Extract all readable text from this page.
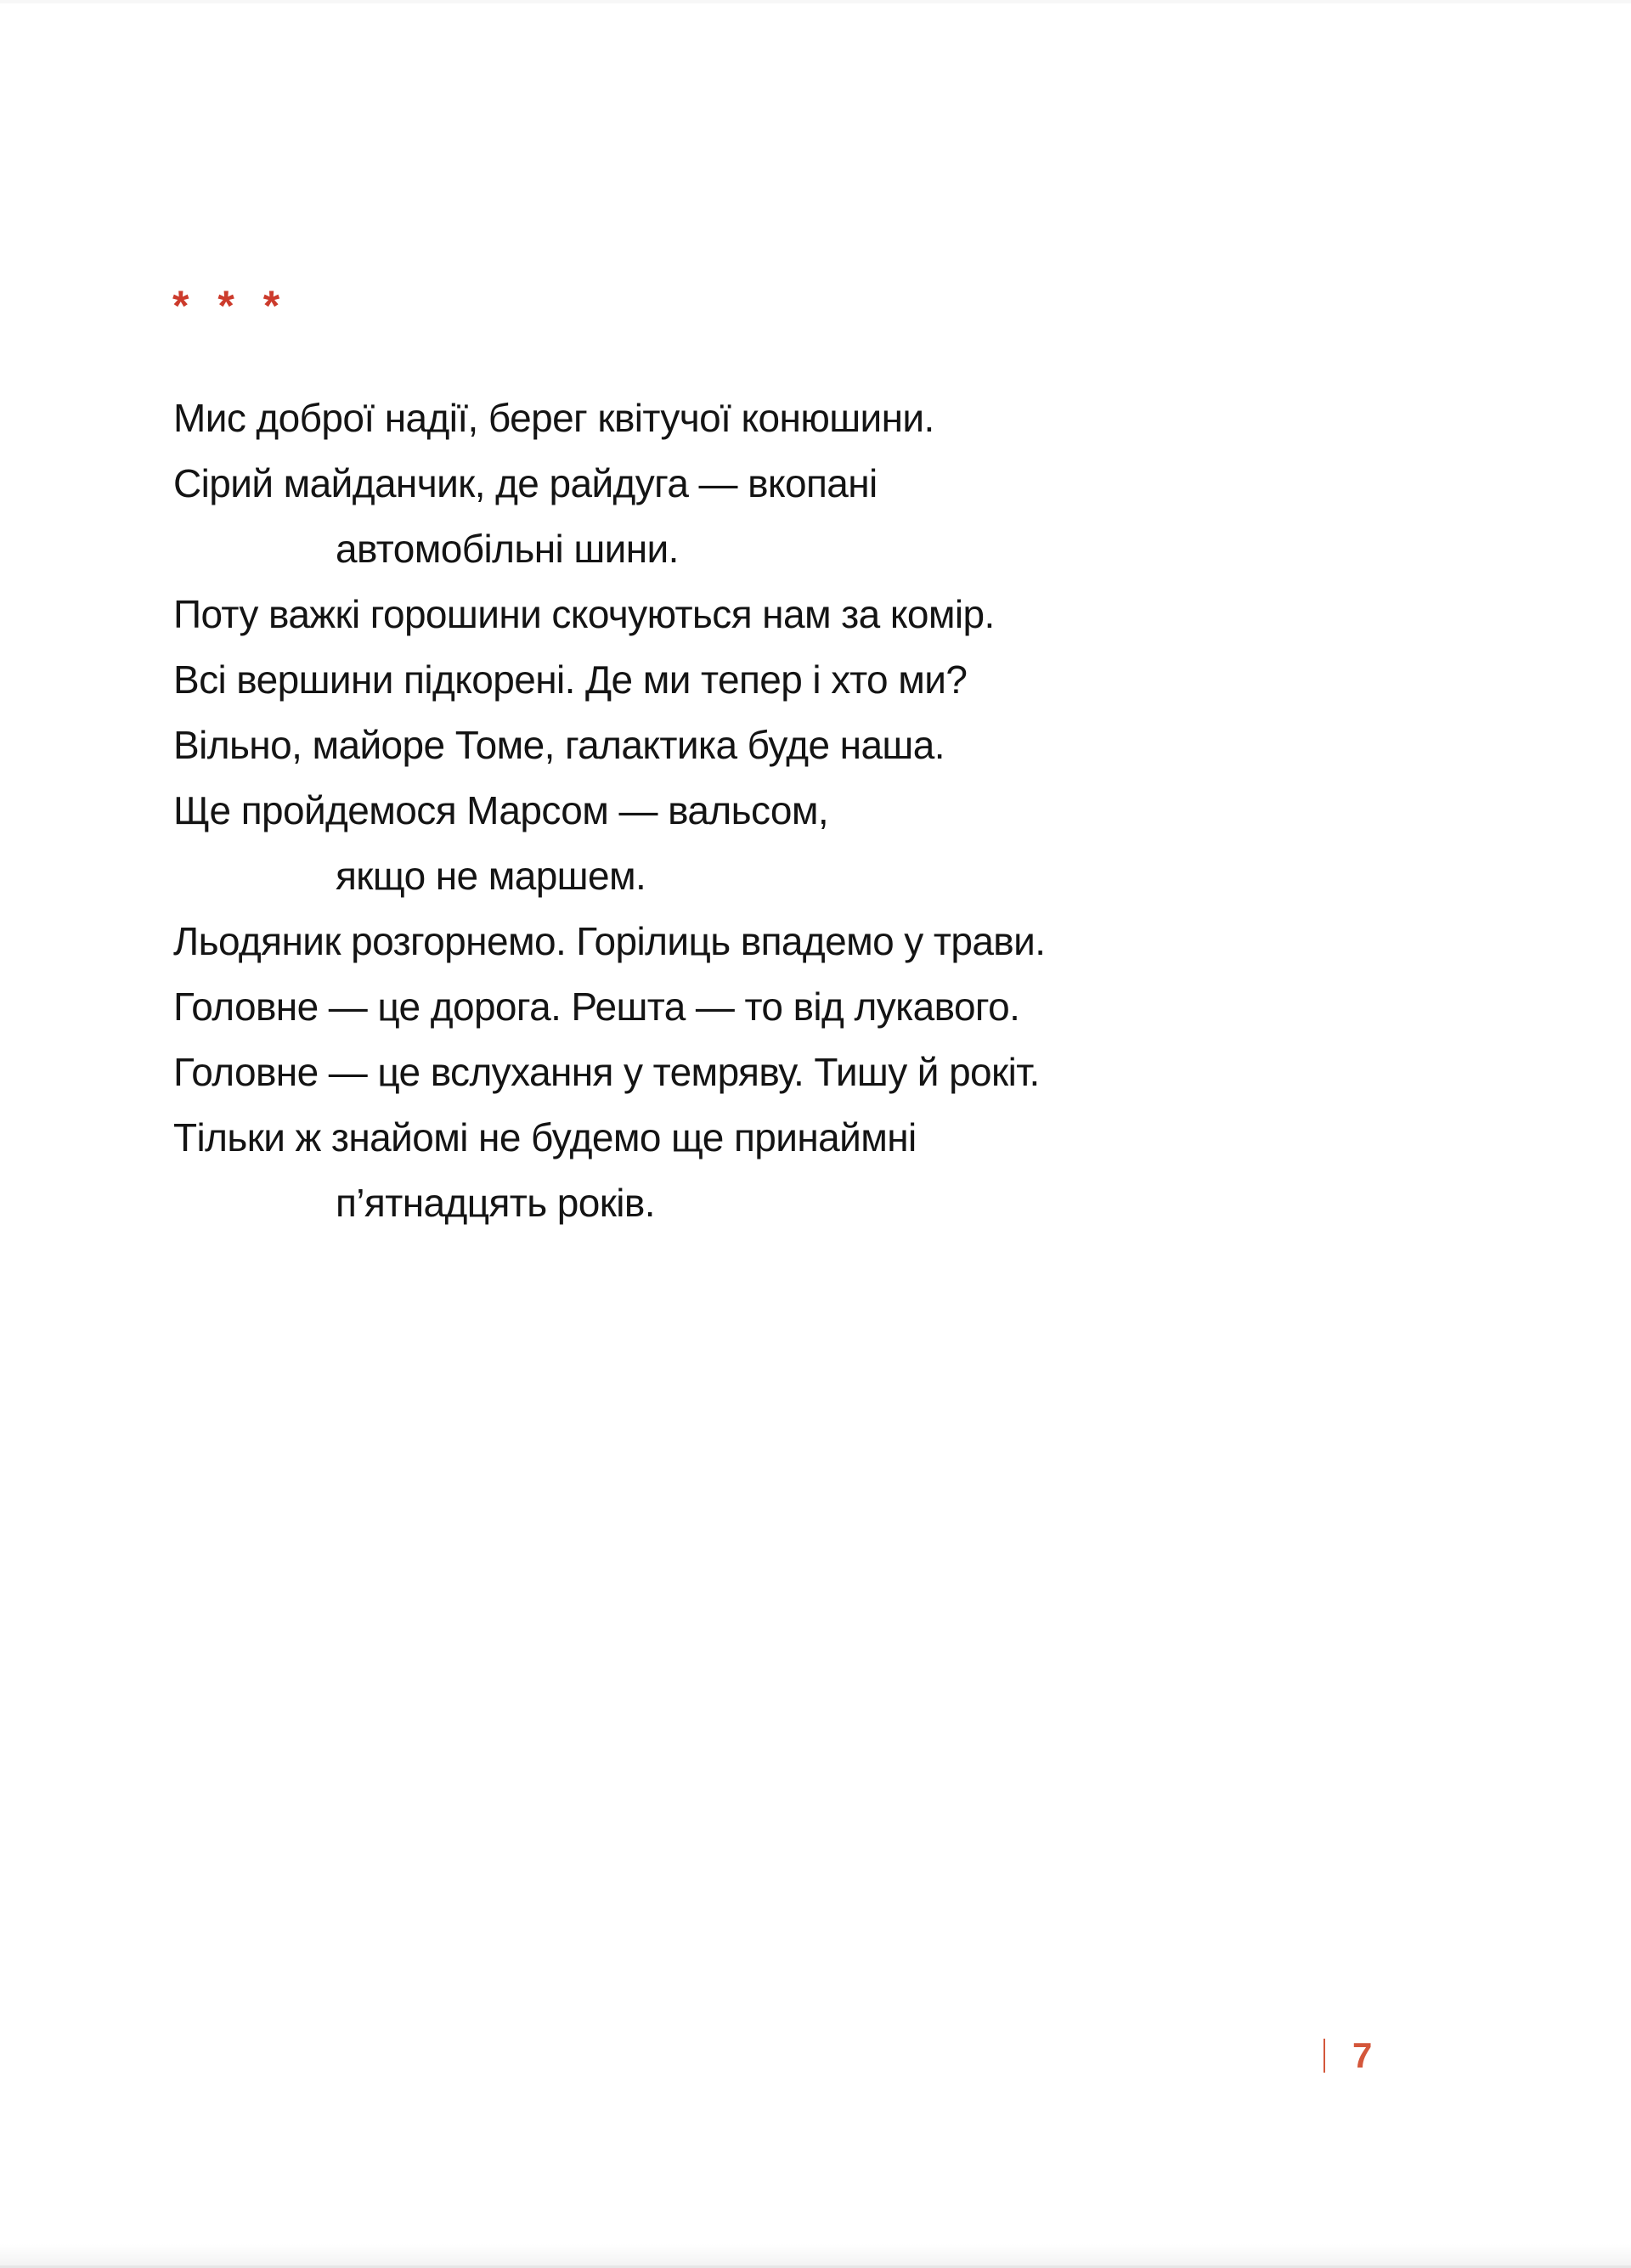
* * *
Мис доброї надії, берег квітучої конюшини.
Сірий майданчик, де райдуга — вкопані
автомобільні шини.
Поту важкі горошини скочуються нам за комір.
Всі вершини підкорені. Де ми тепер і хто ми?
Вільно, майоре Томе, галактика буде наша.
Ще пройдемося Марсом — вальсом,
якщо не маршем.
Льодяник розгорнемо. Горілиць впадемо у трави.
Головне — це дорога. Решта — то від лукавого.
Головне — це вслухання у темряву. Тишу й рокіт.
Тільки ж знайомі не будемо ще принаймні
п’ятнадцять років.
7
